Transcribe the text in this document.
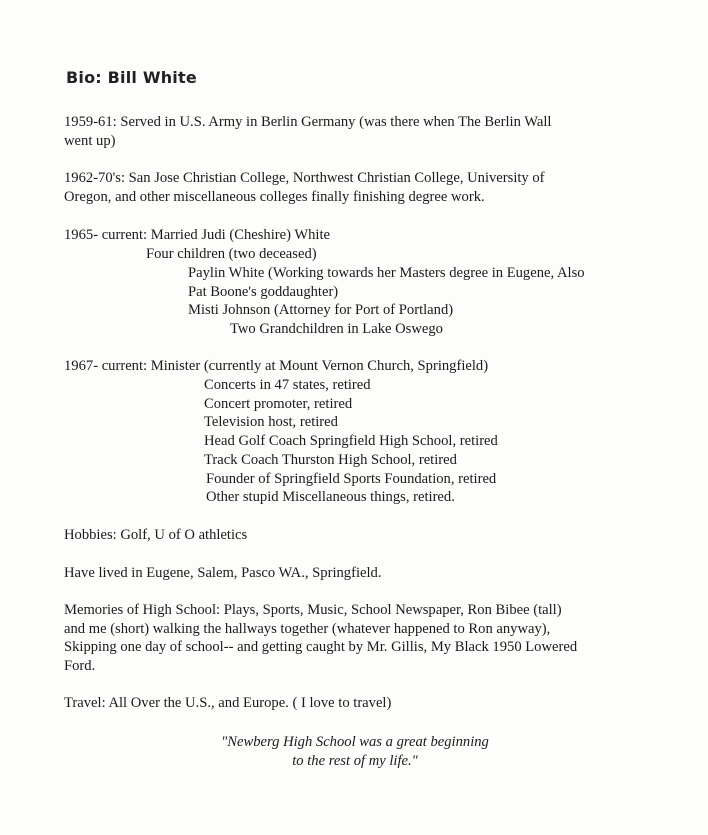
Bio: Bill White
1959-61: Served in U.S. Army in Berlin Germany (was there when The Berlin Wall
went up)
1962-70's: San Jose Christian College, Northwest Christian College, University of
Oregon, and other miscellaneous colleges finally finishing degree work.
1965- current: Married Judi (Cheshire) White
Four children (two deceased)
Paylin White (Working towards her Masters degree in Eugene, Also
Pat Boone's goddaughter)
Misti Johnson (Attorney for Port of Portland)
Two Grandchildren in Lake Oswego
1967- current: Minister (currently at Mount Vernon Church, Springfield)
Concerts in 47 states, retired
Concert promoter, retired
Television host, retired
Head Golf Coach Springfield High School, retired
Track Coach Thurston High School, retired
Founder of Springfield Sports Foundation, retired
Other stupid Miscellaneous things, retired.
Hobbies: Golf, U of O athletics
Have lived in Eugene, Salem, Pasco WA., Springfield.
Memories of High School: Plays, Sports, Music, School Newspaper, Ron Bibee (tall)
and me (short) walking the hallways together (whatever happened to Ron anyway),
Skipping one day of school-- and getting caught by Mr. Gillis, My Black 1950 Lowered
Ford.
Travel: All Over the U.S., and Europe. ( I love to travel)
"Newberg High School was a great beginning
to the rest of my life."
